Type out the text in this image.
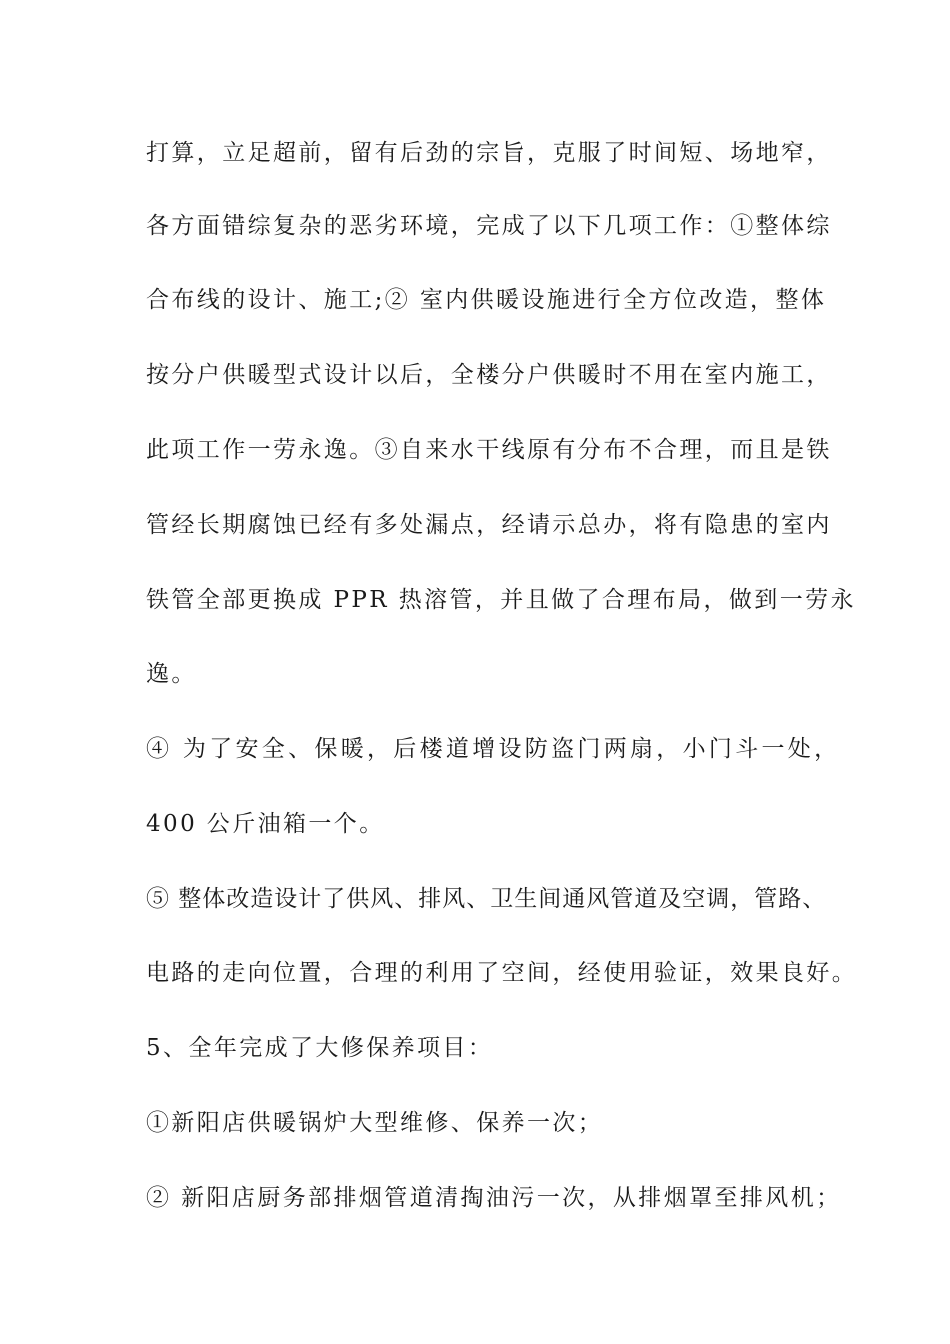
打算，立足超前，留有后劲的宗旨，克服了时间短、场地窄，
各方面错综复杂的恶劣环境，完成了以下几项工作：①整体综
合布线的设计、施工;② 室内供暖设施进行全方位改造，整体
按分户供暖型式设计以后，全楼分户供暖时不用在室内施工，
此项工作一劳永逸。③自来水干线原有分布不合理，而且是铁
管经长期腐蚀已经有多处漏点，经请示总办，将有隐患的室内
铁管全部更换成 PPR 热溶管，并且做了合理布局，做到一劳永
逸。
④ 为了安全、保暖，后楼道增设防盗门两扇，小门斗一处，
400 公斤油箱一个。
⑤ 整体改造设计了供风、排风、卫生间通风管道及空调，管路、
电路的走向位置，合理的利用了空间，经使用验证，效果良好。
5、全年完成了大修保养项目：
①新阳店供暖锅炉大型维修、保养一次；
② 新阳店厨务部排烟管道清掏油污一次，从排烟罩至排风机；
